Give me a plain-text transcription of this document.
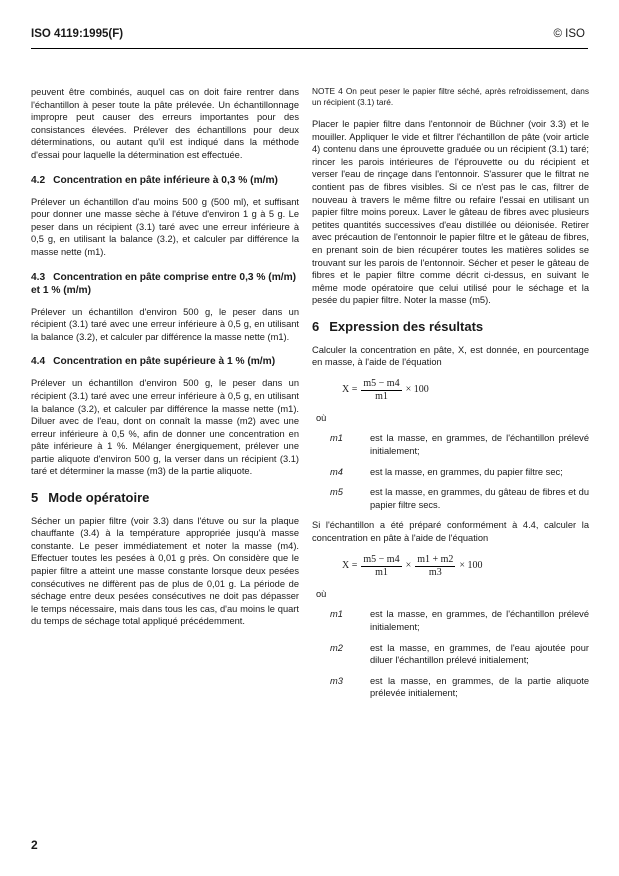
ISO 4119:1995(F)	© ISO

peuvent être combinés, auquel cas on doit faire rentrer dans l'échantillon à peser toute la pâte prélevée. Un échantillonnage impropre peut causer des erreurs importantes pour des consistances élevées. Prélever des échantillons pour deux déterminations, ou autant qu'il est indiqué dans la méthode d'essai pour laquelle la détermination est effectuée.

4.2 Concentration en pâte inférieure à 0,3 % (m/m)

Prélever un échantillon d'au moins 500 g (500 ml), et suffisant pour donner une masse sèche à l'étuve d'environ 1 g à 5 g. Le peser dans un récipient (3.1) taré avec une erreur inférieure à 0,5 g, en utilisant la balance (3.2), et calculer par différence la masse nette (m1).

4.3 Concentration en pâte comprise entre 0,3 % (m/m) et 1 % (m/m)

Prélever un échantillon d'environ 500 g, le peser dans un récipient (3.1) taré avec une erreur inférieure à 0,5 g, en utilisant la balance (3.2), et calculer par différence la masse nette (m1).

4.4 Concentration en pâte supérieure à 1 % (m/m)

Prélever un échantillon d'environ 500 g, le peser dans un récipient (3.1) taré avec une erreur inférieure à 0,5 g, en utilisant la balance (3.2), et calculer par différence la masse nette (m1). Diluer avec de l'eau, dont on connaît la masse (m2) avec une erreur inférieure à 0,5 %, afin de donner une concentration en pâte inférieure à 1 %. Mélanger énergiquement, prélever une partie aliquote d'environ 500 g, la verser dans un récipient (3.1) taré et déterminer la masse (m3) de la partie aliquote.

5 Mode opératoire

Sécher un papier filtre (voir 3.3) dans l'étuve ou sur la plaque chauffante (3.4) à la température appropriée jusqu'à masse constante. Le peser immédiatement et noter la masse (m4). Effectuer toutes les pesées à 0,01 g près. On considère que le papier filtre a atteint une masse constante lorsque deux pesées consécutives ne diffèrent pas de plus de 0,01 g. La période de séchage entre deux pesées consécutives ne doit pas dépasser le temps nécessaire, mais dans tous les cas, d'au moins le quart du temps de séchage total appliqué précédemment.

NOTE 4 On peut peser le papier filtre séché, après refroidissement, dans un récipient (3.1) taré.

Placer le papier filtre dans l'entonnoir de Büchner (voir 3.3) et le mouiller. Appliquer le vide et filtrer l'échantillon de pâte (voir article 4) contenu dans une éprouvette graduée ou un récipient (3.1) taré; rincer les parois intérieures de l'éprouvette ou du récipient et verser l'eau de rinçage dans l'entonnoir. S'assurer que le filtrat ne contient pas de fibres visibles. Si ce n'est pas le cas, filtrer de nouveau à travers le même filtre ou refaire l'essai en utilisant un papier filtre moins poreux. Laver le gâteau de fibres avec plusieurs petites quantités successives d'eau distillée ou déionisée. Retirer avec précaution de l'entonnoir le papier filtre et le gâteau de fibres, en prenant soin de bien récupérer toutes les matières solides se trouvant sur les parois de l'entonnoir. Sécher et peser le gâteau de fibres et le papier filtre comme décrit ci-dessus, en suivant le même mode opératoire que celui utilisé pour le séchage et la pesée du papier filtre. Noter la masse (m5).

6 Expression des résultats

Calculer la concentration en pâte, X, est donnée, en pourcentage en masse, à l'aide de l'équation

$X = \frac{m5 - m4}{m1} \times 100$
où
m1	est la masse, en grammes, de l'échantillon prélevé initialement;
m4	est la masse, en grammes, du papier filtre sec;
m5	est la masse, en grammes, du gâteau de fibres et du papier filtre secs.

Si l'échantillon a été préparé conformément à 4.4, calculer la concentration en pâte à l'aide de l'équation

$X = \frac{m5 - m4}{m1} \times \frac{m1 + m2}{m3} \times 100$
où
m1	est la masse, en grammes, de l'échantillon prélevé initialement;
m2	est la masse, en grammes, de l'eau ajoutée pour diluer l'échantillon prélevé initialement;
m3	est la masse, en grammes, de la partie aliquote prélevée initialement;
2
